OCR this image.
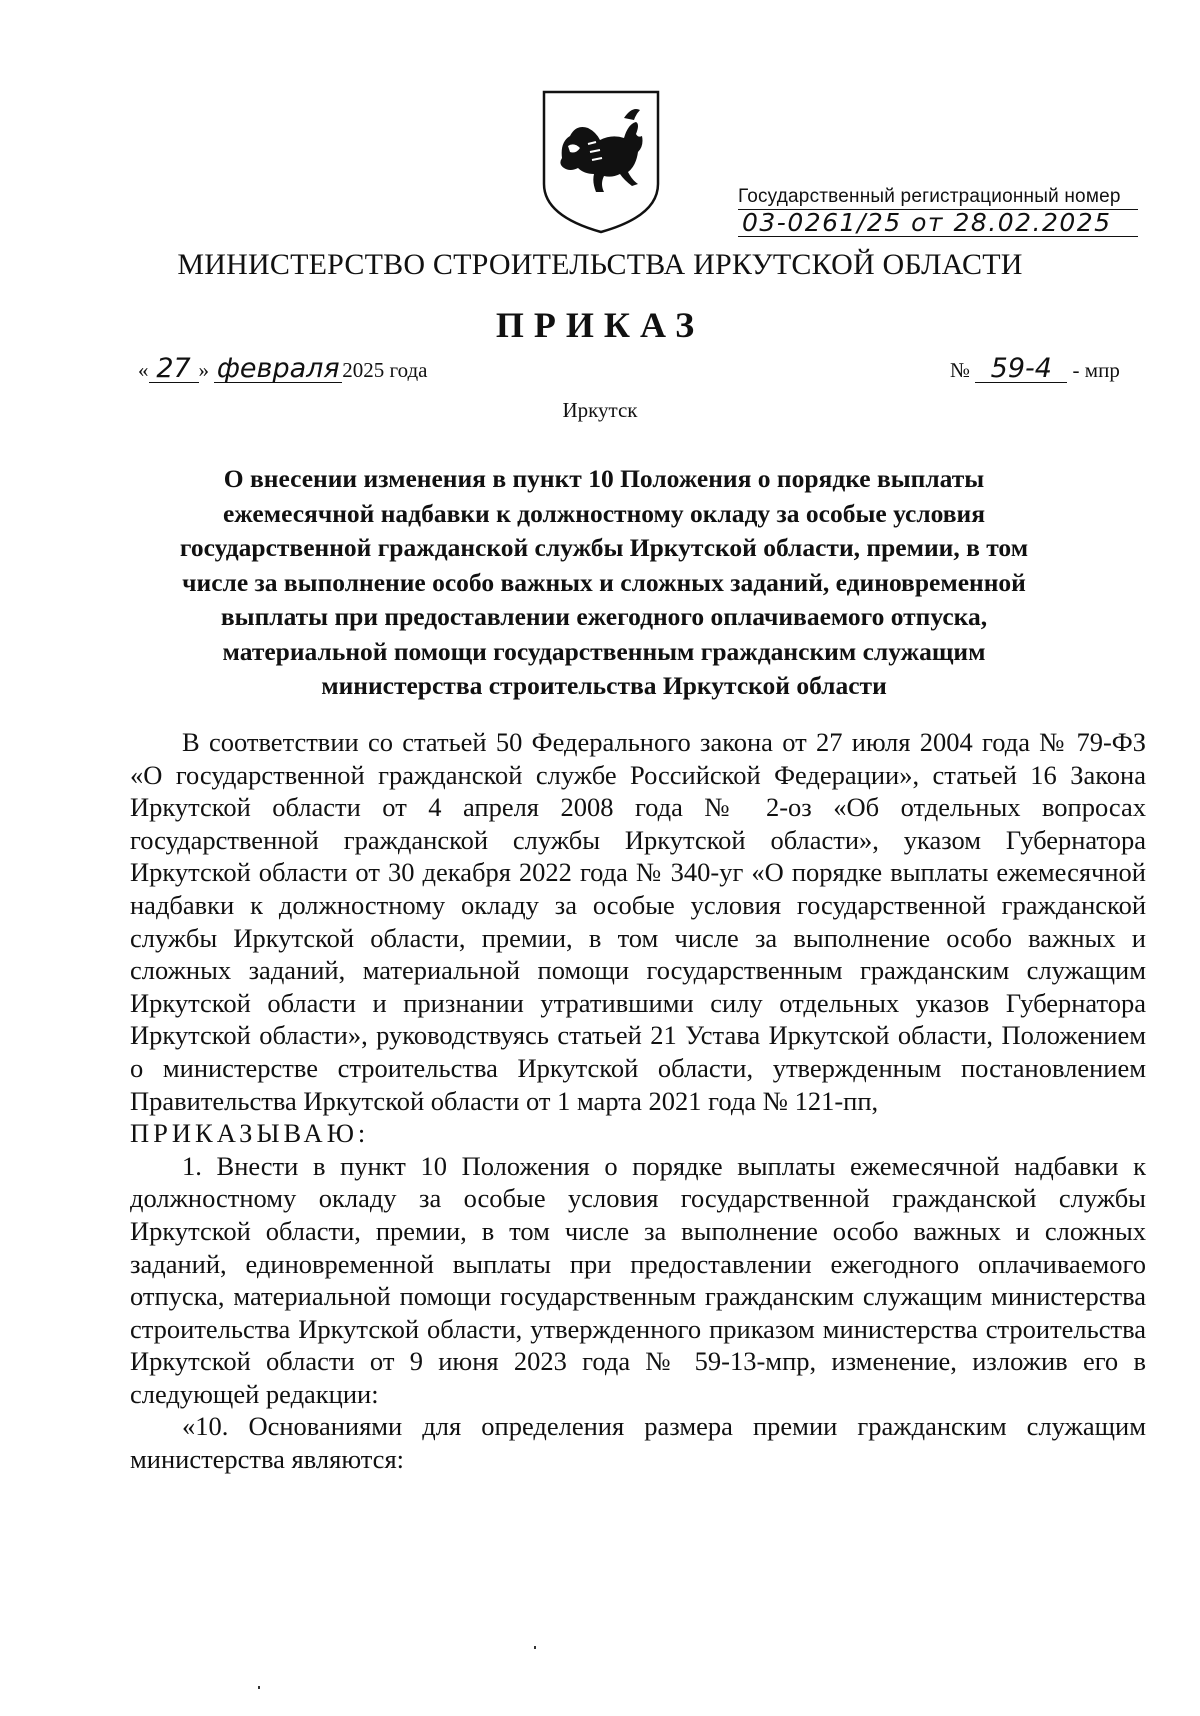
Государственный регистрационный номер
03-0261/25 от 28.02.2025
МИНИСТЕРСТВО СТРОИТЕЛЬСТВА ИРКУТСКОЙ ОБЛАСТИ
ПРИКАЗ
« 27 » февраля 2025 года	№ 59-4 - мпр
Иркутск
О внесении изменения в пункт 10 Положения о порядке выплаты ежемесячной надбавки к должностному окладу за особые условия государственной гражданской службы Иркутской области, премии, в том числе за выполнение особо важных и сложных заданий, единовременной выплаты при предоставлении ежегодного оплачиваемого отпуска, материальной помощи государственным гражданским служащим министерства строительства Иркутской области

В соответствии со статьей 50 Федерального закона от 27 июля 2004 года № 79-ФЗ «О государственной гражданской службе Российской Федерации», статьей 16 Закона Иркутской области от 4 апреля 2008 года № 2-оз «Об отдельных вопросах государственной гражданской службы Иркутской области», указом Губернатора Иркутской области от 30 декабря 2022 года № 340-уг «О порядке выплаты ежемесячной надбавки к должностному окладу за особые условия государственной гражданской службы Иркутской области, премии, в том числе за выполнение особо важных и сложных заданий, материальной помощи государственным гражданским служащим Иркутской области и признании утратившими силу отдельных указов Губернатора Иркутской области», руководствуясь статьей 21 Устава Иркутской области, Положением о министерстве строительства Иркутской области, утвержденным постановлением Правительства Иркутской области от 1 марта 2021 года № 121-пп,

ПРИКАЗЫВАЮ:

1. Внести в пункт 10 Положения о порядке выплаты ежемесячной надбавки к должностному окладу за особые условия государственной гражданской службы Иркутской области, премии, в том числе за выполнение особо важных и сложных заданий, единовременной выплаты при предоставлении ежегодного оплачиваемого отпуска, материальной помощи государственным гражданским служащим министерства строительства Иркутской области, утвержденного приказом министерства строительства Иркутской области от 9 июня 2023 года № 59-13-мпр, изменение, изложив его в следующей редакции:

«10. Основаниями для определения размера премии гражданским служащим министерства являются:
